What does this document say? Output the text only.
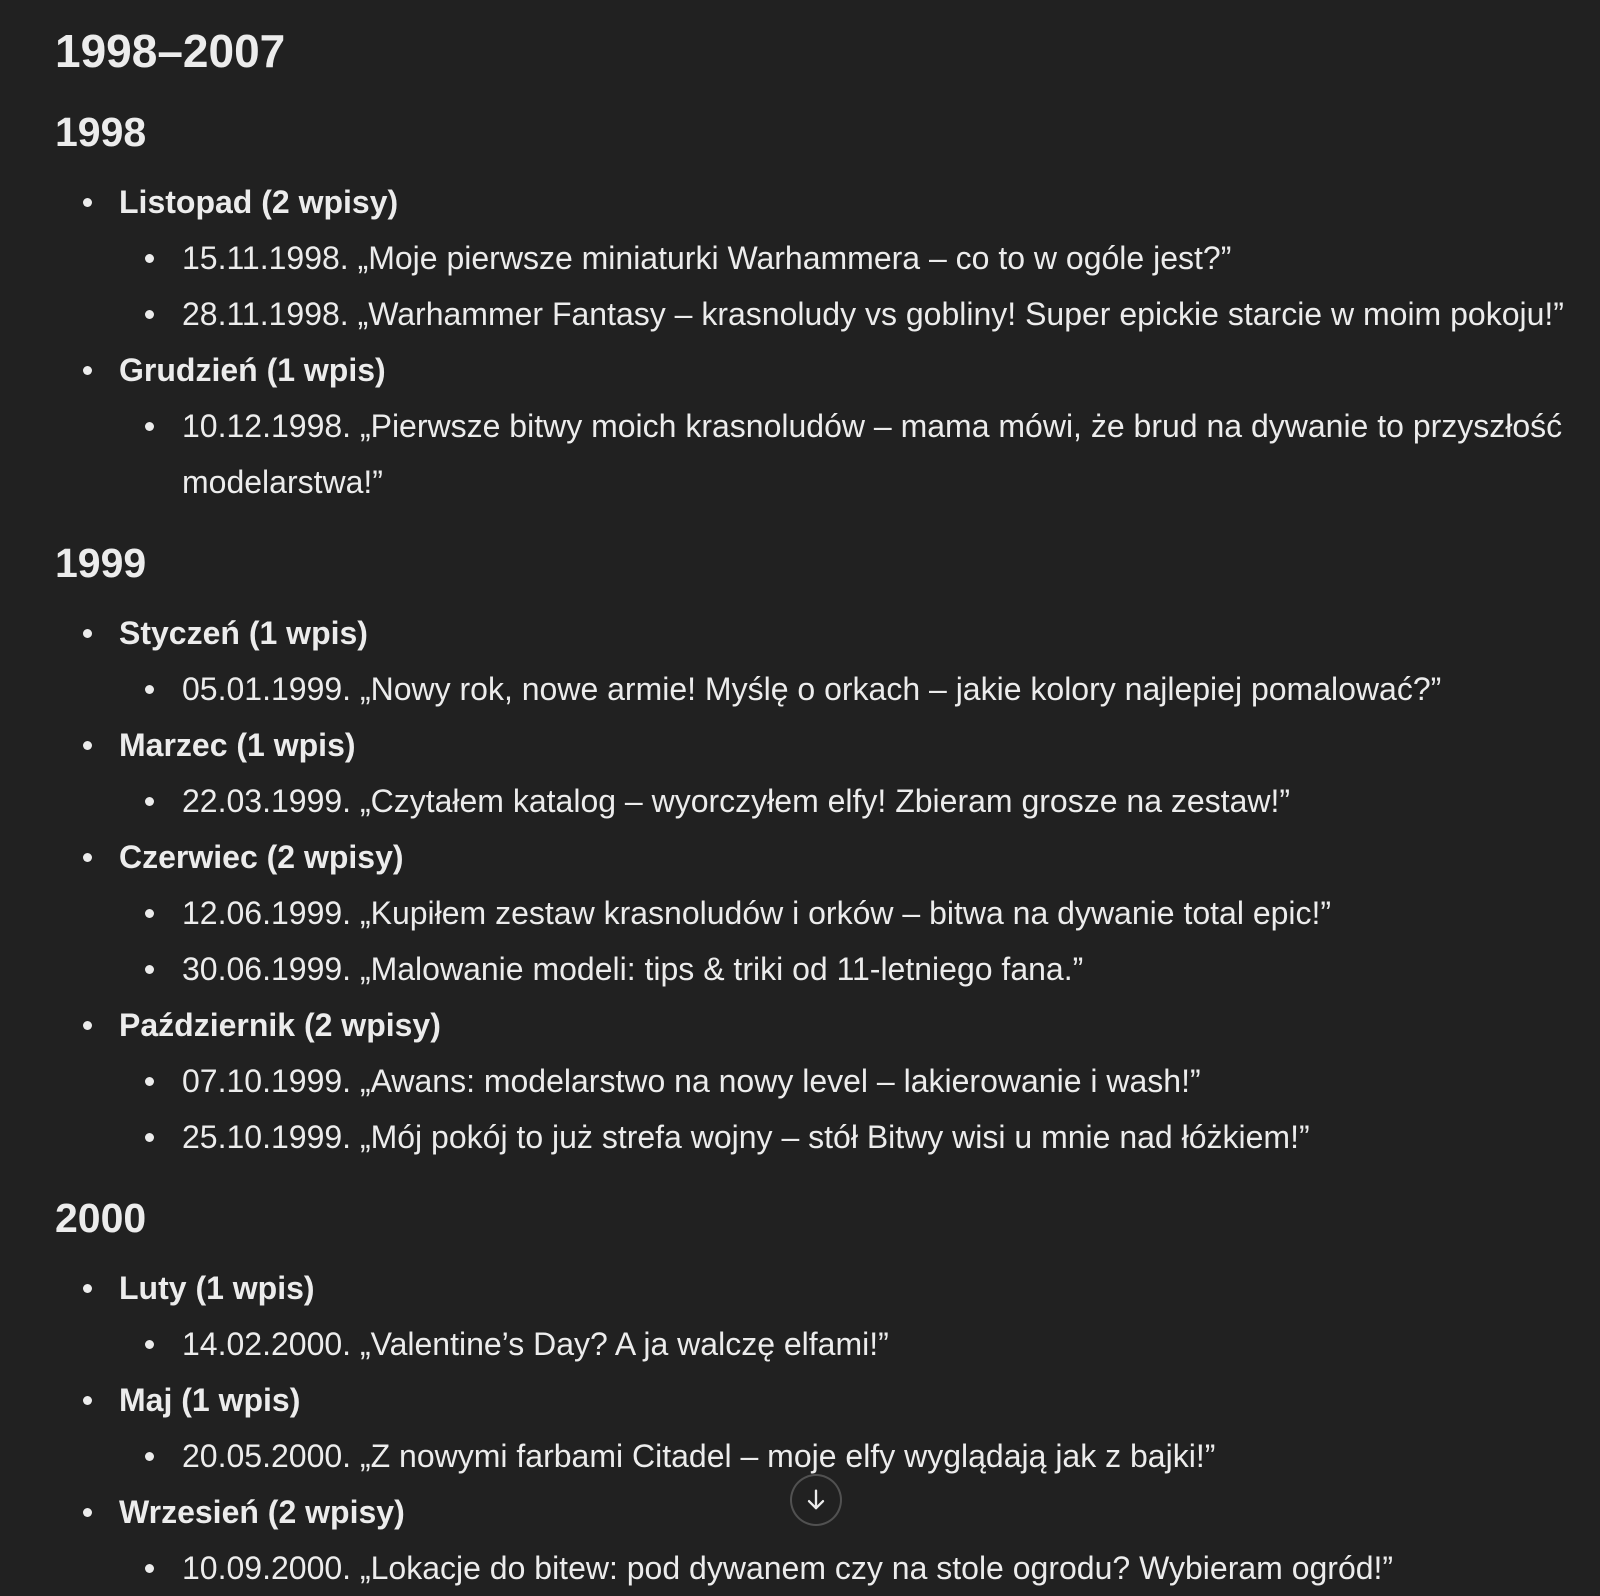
1998–2007
1998
Listopad (2 wpisy)
15.11.1998. „Moje pierwsze miniaturki Warhammera – co to w ogóle jest?”
28.11.1998. „Warhammer Fantasy – krasnoludy vs gobliny! Super epickie starcie w moim pokoju!”
Grudzień (1 wpis)
10.12.1998. „Pierwsze bitwy moich krasnoludów – mama mówi, że brud na dywanie to przyszłość modelarstwa!”
1999
Styczeń (1 wpis)
05.01.1999. „Nowy rok, nowe armie! Myślę o orkach – jakie kolory najlepiej pomalować?”
Marzec (1 wpis)
22.03.1999. „Czytałem katalog – wyorczyłem elfy! Zbieram grosze na zestaw!”
Czerwiec (2 wpisy)
12.06.1999. „Kupiłem zestaw krasnoludów i orków – bitwa na dywanie total epic!”
30.06.1999. „Malowanie modeli: tips & triki od 11-letniego fana.”
Październik (2 wpisy)
07.10.1999. „Awans: modelarstwo na nowy level – lakierowanie i wash!”
25.10.1999. „Mój pokój to już strefa wojny – stół Bitwy wisi u mnie nad łóżkiem!”
2000
Luty (1 wpis)
14.02.2000. „Valentine’s Day? A ja walczę elfami!”
Maj (1 wpis)
20.05.2000. „Z nowymi farbami Citadel – moje elfy wyglądają jak z bajki!”
Wrzesień (2 wpisy)
10.09.2000. „Lokacje do bitew: pod dywanem czy na stole ogrodu? Wybieram ogród!”
